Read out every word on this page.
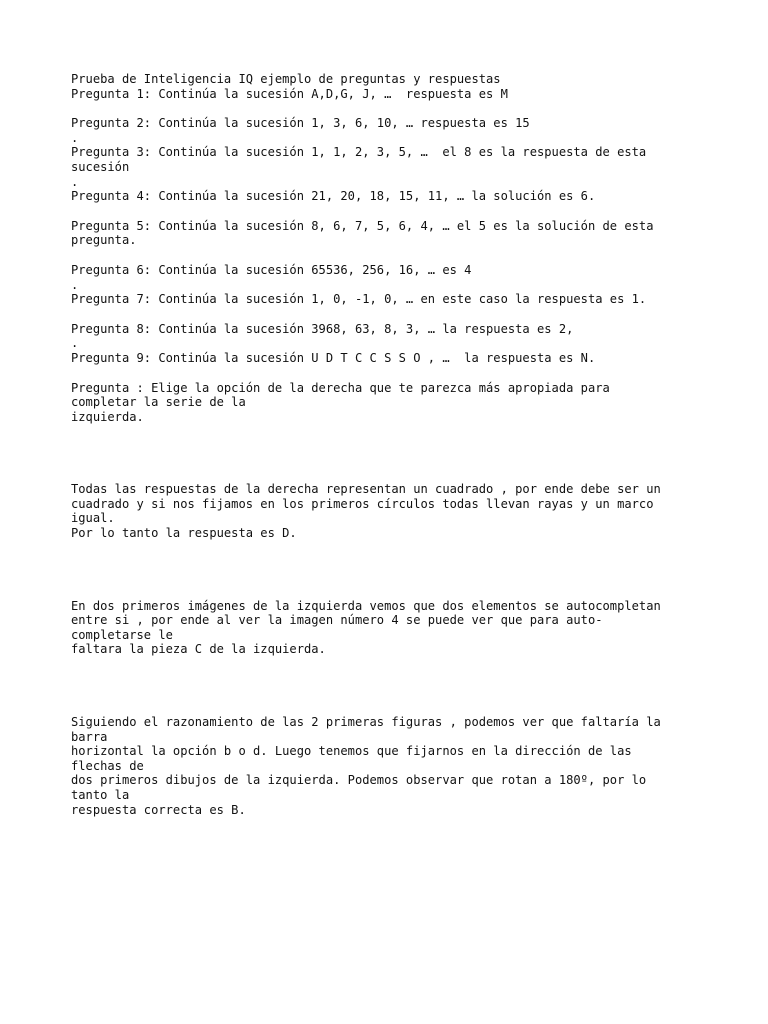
Prueba de Inteligencia IQ ejemplo de preguntas y respuestas
Pregunta 1: Continúa la sucesión A,D,G, J, …  respuesta es M
Pregunta 2: Continúa la sucesión 1, 3, 6, 10, … respuesta es 15
.
Pregunta 3: Continúa la sucesión 1, 1, 2, 3, 5, …  el 8 es la respuesta de esta
sucesión
.
Pregunta 4: Continúa la sucesión 21, 20, 18, 15, 11, … la solución es 6.
Pregunta 5: Continúa la sucesión 8, 6, 7, 5, 6, 4, … el 5 es la solución de esta
pregunta.
Pregunta 6: Continúa la sucesión 65536, 256, 16, … es 4
.
Pregunta 7: Continúa la sucesión 1, 0, -1, 0, … en este caso la respuesta es 1.
Pregunta 8: Continúa la sucesión 3968, 63, 8, 3, … la respuesta es 2,
.
Pregunta 9: Continúa la sucesión U D T C C S S O , …  la respuesta es N.
Pregunta : Elige la opción de la derecha que te parezca más apropiada para
completar la serie de la
izquierda.
Todas las respuestas de la derecha representan un cuadrado , por ende debe ser un
cuadrado y si nos fijamos en los primeros círculos todas llevan rayas y un marco
igual.
Por lo tanto la respuesta es D.
En dos primeros imágenes de la izquierda vemos que dos elementos se autocompletan
entre si , por ende al ver la imagen número 4 se puede ver que para auto-
completarse le
faltara la pieza C de la izquierda.
Siguiendo el razonamiento de las 2 primeras figuras , podemos ver que faltaría la
barra
horizontal la opción b o d. Luego tenemos que fijarnos en la dirección de las
flechas de
dos primeros dibujos de la izquierda. Podemos observar que rotan a 180º, por lo
tanto la
respuesta correcta es B.
